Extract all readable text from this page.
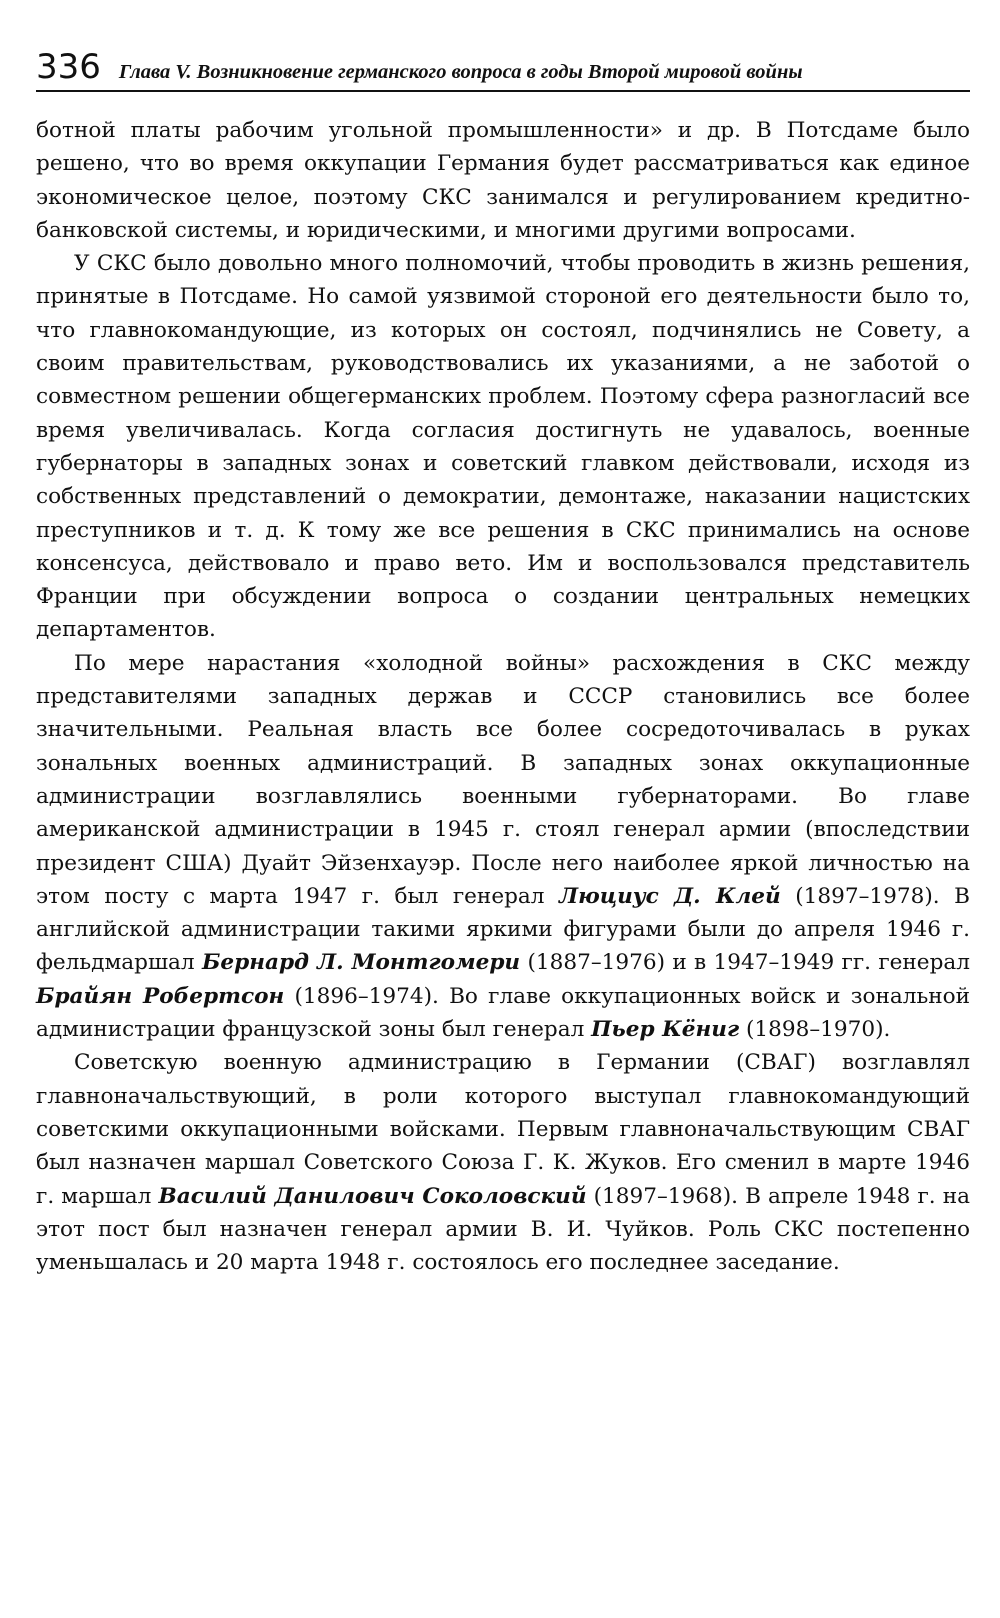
336 Глава V. Возникновение германского вопроса в годы Второй мировой войны

ботной платы рабочим угольной промышленности» и др. В Потсдаме было решено, что во время оккупации Германия будет рассматриваться как единое экономическое целое, поэтому СКС занимался и регулированием кредитно-банковской системы, и юридическими, и многими другими вопросами.

У СКС было довольно много полномочий, чтобы проводить в жизнь решения, принятые в Потсдаме. Но самой уязвимой стороной его деятельности было то, что главнокомандующие, из которых он состоял, подчинялись не Совету, а своим правительствам, руководствовались их указаниями, а не заботой о совместном решении общегерманских проблем. Поэтому сфера разногласий все время увеличивалась. Когда согласия достигнуть не удавалось, военные губернаторы в западных зонах и советский главком действовали, исходя из собственных представлений о демократии, демонтаже, наказании нацистских преступников и т. д. К тому же все решения в СКС принимались на основе консенсуса, действовало и право вето. Им и воспользовался представитель Франции при обсуждении вопроса о создании центральных немецких департаментов.

По мере нарастания «холодной войны» расхождения в СКС между представителями западных держав и СССР становились все более значительными. Реальная власть все более сосредоточивалась в руках зональных военных администраций. В западных зонах оккупационные администрации возглавлялись военными губернаторами. Во главе американской администрации в 1945 г. стоял генерал армии (впоследствии президент США) Дуайт Эйзенхауэр. После него наиболее яркой личностью на этом посту с марта 1947 г. был генерал Люциус Д. Клей (1897–1978). В английской администрации такими яркими фигурами были до апреля 1946 г. фельдмаршал Бернард Л. Монтгомери (1887–1976) и в 1947–1949 гг. генерал Брайян Робертсон (1896–1974). Во главе оккупационных войск и зональной администрации французской зоны был генерал Пьер Кёниг (1898–1970).

Советскую военную администрацию в Германии (СВАГ) возглавлял главноначальствующий, в роли которого выступал главнокомандующий советскими оккупационными войсками. Первым главноначальствующим СВАГ был назначен маршал Советского Союза Г. К. Жуков. Его сменил в марте 1946 г. маршал Василий Данилович Соколовский (1897–1968). В апреле 1948 г. на этот пост был назначен генерал армии В. И. Чуйков. Роль СКС постепенно уменьшалась и 20 марта 1948 г. состоялось его последнее заседание.
